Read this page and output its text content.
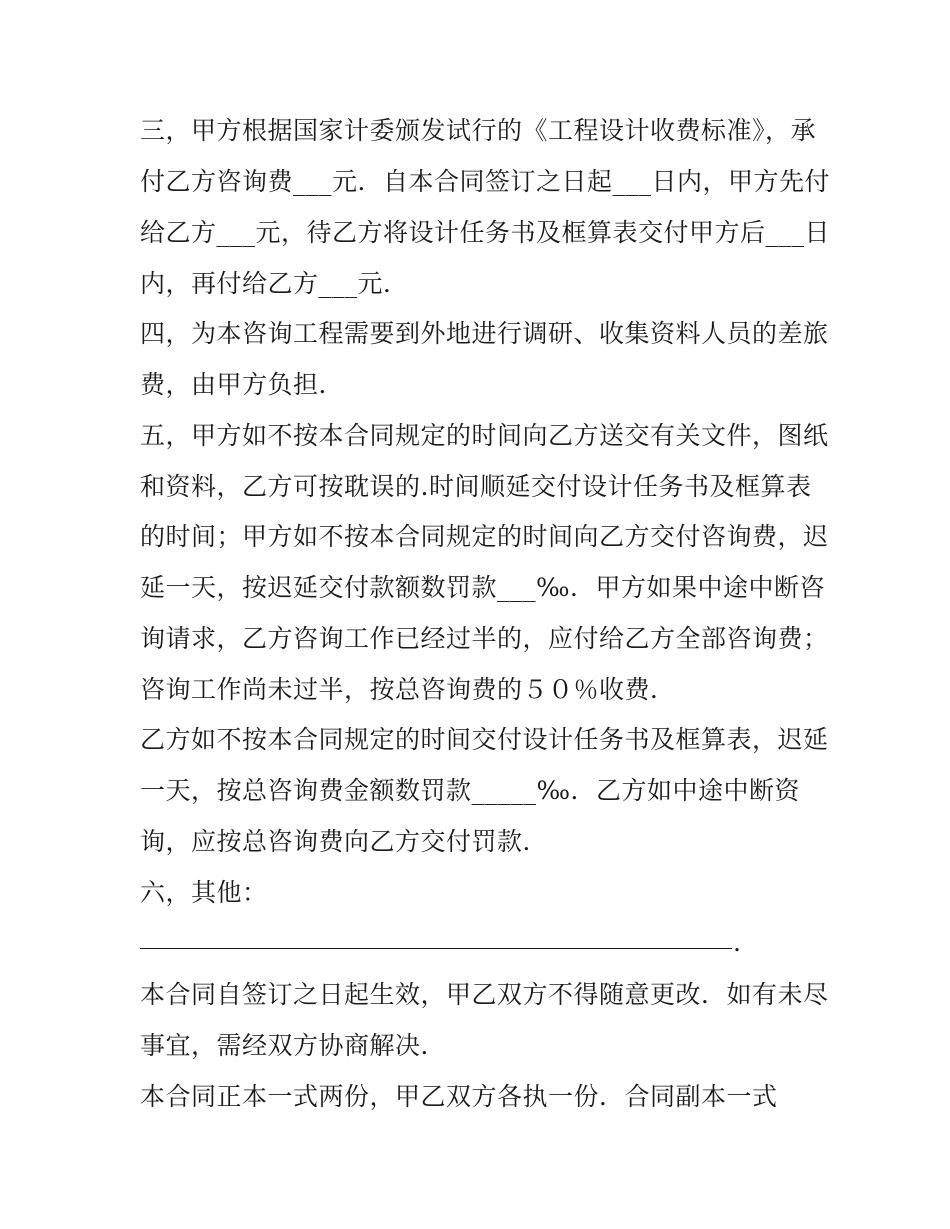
三，甲方根据国家计委颁发试行的《工程设计收费标准》，承
付乙方咨询费___元．自本合同签订之日起___日内，甲方先付
给乙方___元，待乙方将设计任务书及框算表交付甲方后___日
内，再付给乙方___元．
四，为本咨询工程需要到外地进行调研、收集资料人员的差旅
费，由甲方负担．
五，甲方如不按本合同规定的时间向乙方送交有关文件，图纸
和资料，乙方可按耽误的.时间顺延交付设计任务书及框算表
的时间；甲方如不按本合同规定的时间向乙方交付咨询费，迟
延一天，按迟延交付款额数罚款___‰．甲方如果中途中断咨
询请求，乙方咨询工作已经过半的，应付给乙方全部咨询费；
咨询工作尚未过半，按总咨询费的５０％收费．
乙方如不按本合同规定的时间交付设计任务书及框算表，迟延
一天，按总咨询费金额数罚款_____‰．乙方如中途中断资
询，应按总咨询费向乙方交付罚款．
六，其他：
.
本合同自签订之日起生效，甲乙双方不得随意更改．如有未尽
事宜，需经双方协商解决．
本合同正本一式两份，甲乙双方各执一份．合同副本一式
